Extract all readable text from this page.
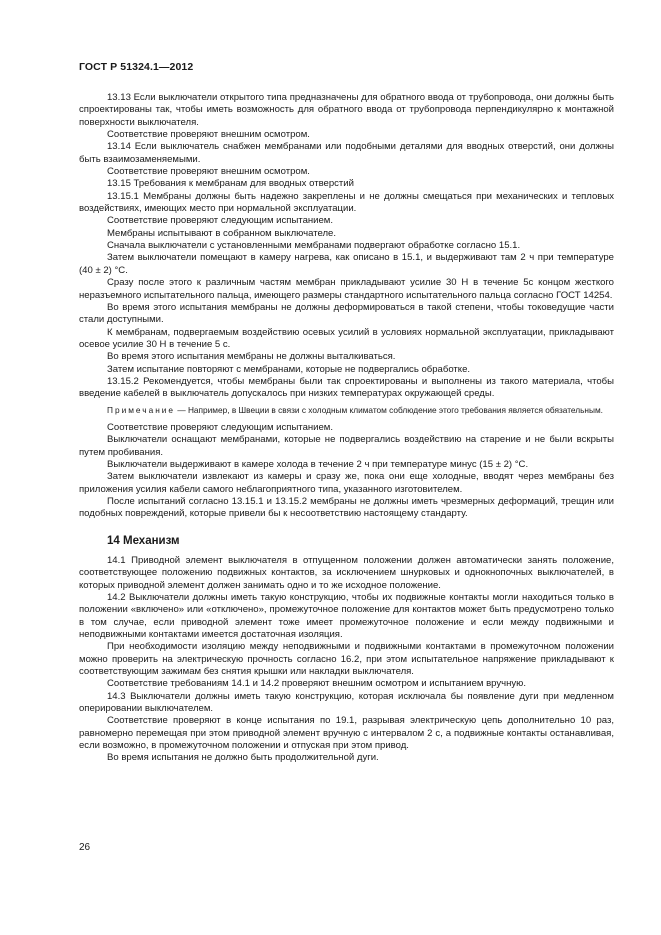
ГОСТ Р 51324.1—2012

13.13 Если выключатели открытого типа предназначены для обратного ввода от трубопровода, они должны быть спроектированы так, чтобы иметь возможность для обратного ввода от трубопровода перпендикулярно к монтажной поверхности выключателя.

Соответствие проверяют внешним осмотром.

13.14 Если выключатель снабжен мембранами или подобными деталями для вводных отверстий, они должны быть взаимозаменяемыми.

Соответствие проверяют внешним осмотром.

13.15 Требования к мембранам для вводных отверстий

13.15.1 Мембраны должны быть надежно закреплены и не должны смещаться при механических и тепловых воздействиях, имеющих место при нормальной эксплуатации.

Соответствие проверяют следующим испытанием.

Мембраны испытывают в собранном выключателе.

Сначала выключатели с установленными мембранами подвергают обработке согласно 15.1.

Затем выключатели помещают в камеру нагрева, как описано в 15.1, и выдерживают там 2 ч при температуре (40 ± 2) °С.

Сразу после этого к различным частям мембран прикладывают усилие 30 Н в течение 5с концом жесткого неразъемного испытательного пальца, имеющего размеры стандартного испытательного пальца согласно ГОСТ 14254.

Во время этого испытания мембраны не должны деформироваться в такой степени, чтобы токоведущие части стали доступными.

К мембранам, подвергаемым воздействию осевых усилий в условиях нормальной эксплуатации, прикладывают осевое усилие 30 Н в течение 5 с.

Во время этого испытания мембраны не должны выталкиваться.

Затем испытание повторяют с мембранами, которые не подвергались обработке.

13.15.2 Рекомендуется, чтобы мембраны были так спроектированы и выполнены из такого материала, чтобы введение кабелей в выключатель допускалось при низких температурах окружающей среды.

Примечание — Например, в Швеции в связи с холодным климатом соблюдение этого требования является обязательным.

Соответствие проверяют следующим испытанием.

Выключатели оснащают мембранами, которые не подвергались воздействию на старение и не были вскрыты путем пробивания.

Выключатели выдерживают в камере холода в течение 2 ч при температуре минус (15 ± 2) °С.

Затем выключатели извлекают из камеры и сразу же, пока они еще холодные, вводят через мембраны без приложения усилия кабели самого неблагоприятного типа, указанного изготовителем.

После испытаний согласно 13.15.1 и 13.15.2 мембраны не должны иметь чрезмерных деформаций, трещин или подобных повреждений, которые привели бы к несоответствию настоящему стандарту.

14 Механизм

14.1 Приводной элемент выключателя в отпущенном положении должен автоматически занять положение, соответствующее положению подвижных контактов, за исключением шнурковых и однокнопочных выключателей, в которых приводной элемент должен занимать одно и то же исходное положение.

14.2 Выключатели должны иметь такую конструкцию, чтобы их подвижные контакты могли находиться только в положении «включено» или «отключено», промежуточное положение для контактов может быть предусмотрено только в том случае, если приводной элемент тоже имеет промежуточное положение и если между подвижными и неподвижными контактами имеется достаточная изоляция.

При необходимости изоляцию между неподвижными и подвижными контактами в промежуточном положении можно проверить на электрическую прочность согласно 16.2, при этом испытательное напряжение прикладывают к соответствующим зажимам без снятия крышки или накладки выключателя.

Соответствие требованиям 14.1 и 14.2 проверяют внешним осмотром и испытанием вручную.

14.3 Выключатели должны иметь такую конструкцию, которая исключала бы появление дуги при медленном оперировании выключателем.

Соответствие проверяют в конце испытания по 19.1, разрывая электрическую цепь дополнительно 10 раз, равномерно перемещая при этом приводной элемент вручную с интервалом 2 с, а подвижные контакты останавливая, если возможно, в промежуточном положении и отпуская при этом привод.

Во время испытания не должно быть продолжительной дуги.

26
